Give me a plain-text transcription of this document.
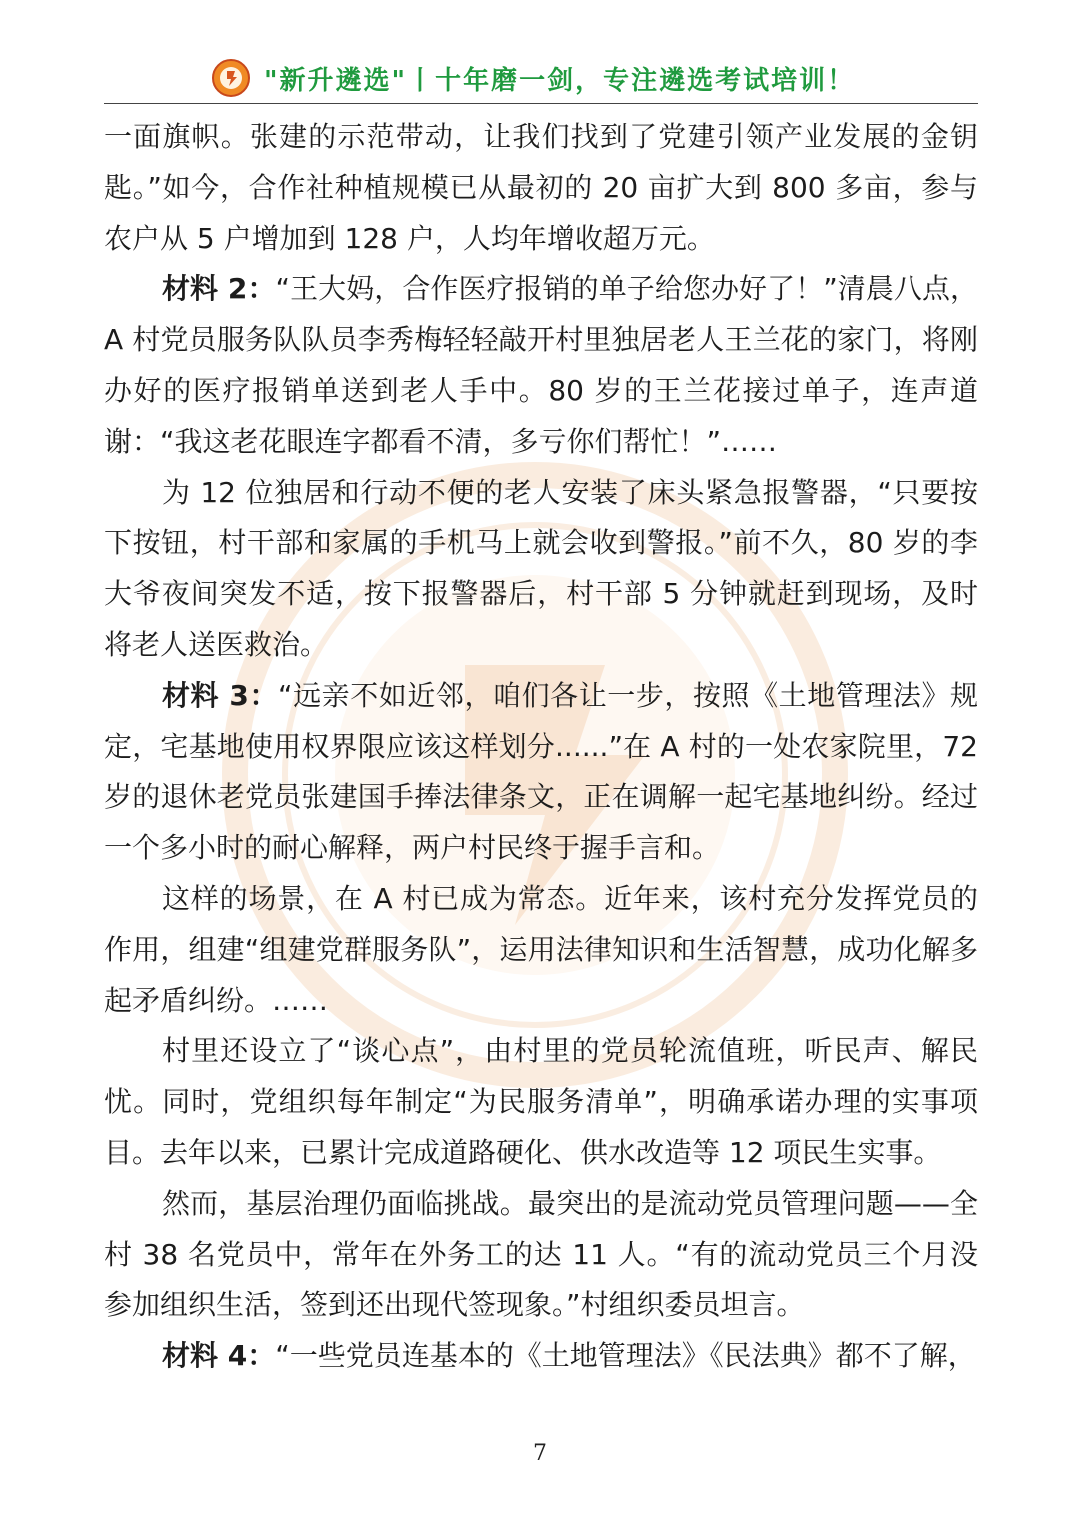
"新升遴选"丨十年磨一剑，专注遴选考试培训！

一面旗帜。张建的示范带动，让我们找到了党建引领产业发展的金钥匙。”如今，合作社种植规模已从最初的 20 亩扩大到 800 多亩，参与农户从 5 户增加到 128 户，人均年增收超万元。

材料 2：“王大妈，合作医疗报销的单子给您办好了！”清晨八点，A 村党员服务队队员李秀梅轻轻敲开村里独居老人王兰花的家门，将刚办好的医疗报销单送到老人手中。80 岁的王兰花接过单子，连声道谢：“我这老花眼连字都看不清，多亏你们帮忙！”……

为 12 位独居和行动不便的老人安装了床头紧急报警器，“只要按下按钮，村干部和家属的手机马上就会收到警报。”前不久，80 岁的李大爷夜间突发不适，按下报警器后，村干部 5 分钟就赶到现场，及时将老人送医救治。

材料 3：“远亲不如近邻，咱们各让一步，按照《土地管理法》规定，宅基地使用权界限应该这样划分......”在 A 村的一处农家院里，72 岁的退休老党员张建国手捧法律条文，正在调解一起宅基地纠纷。经过一个多小时的耐心解释，两户村民终于握手言和。

这样的场景，在 A 村已成为常态。近年来，该村充分发挥党员的作用，组建“组建党群服务队”，运用法律知识和生活智慧，成功化解多起矛盾纠纷。……

村里还设立了“谈心点”，由村里的党员轮流值班，听民声、解民忧。同时，党组织每年制定“为民服务清单”，明确承诺办理的实事项目。去年以来，已累计完成道路硬化、供水改造等 12 项民生实事。

然而，基层治理仍面临挑战。最突出的是流动党员管理问题——全村 38 名党员中，常年在外务工的达 11 人。“有的流动党员三个月没参加组织生活，签到还出现代签现象。”村组织委员坦言。

材料 4：“一些党员连基本的《土地管理法》《民法典》都不了解，

7
